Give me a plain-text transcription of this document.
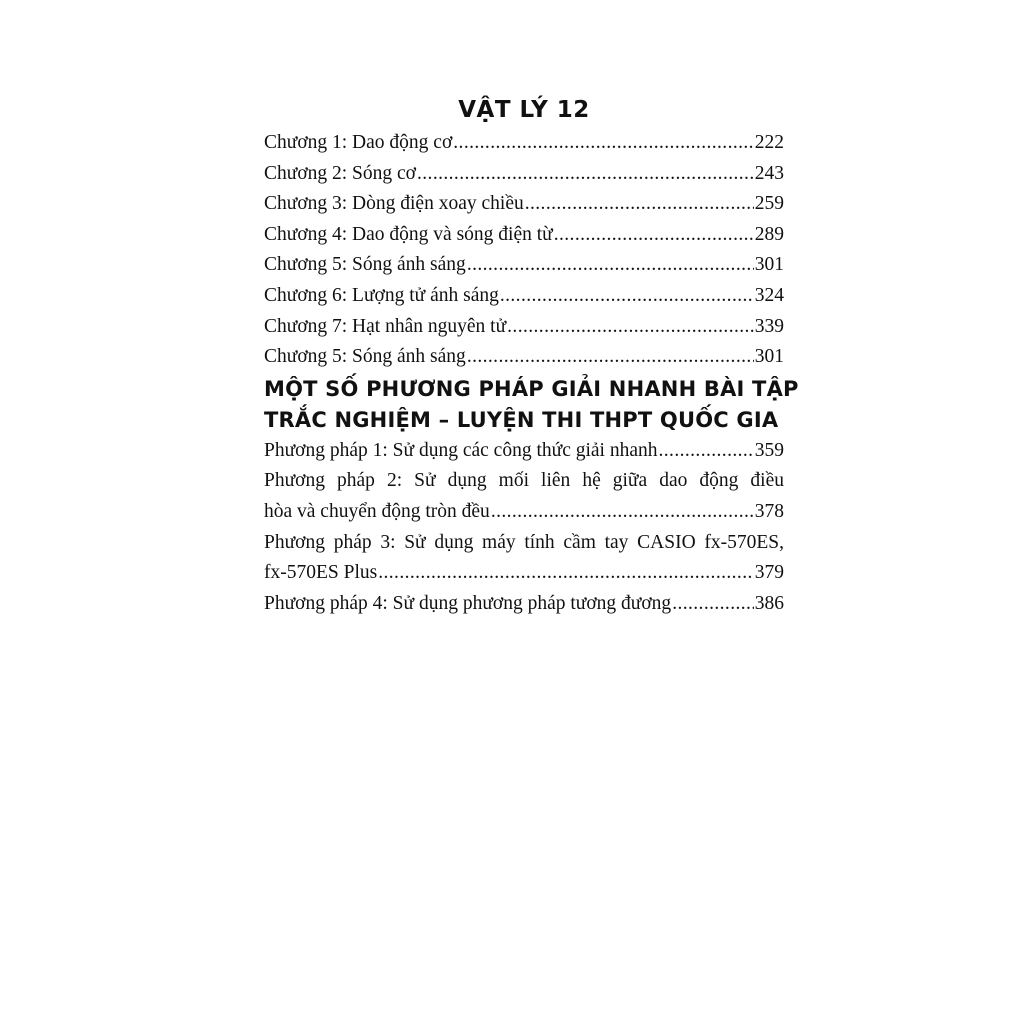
VẬT LÝ 12
Chương 1: Dao động cơ .....	222
Chương 2: Sóng cơ .....	243
Chương 3: Dòng điện xoay chiều .....	259
Chương 4: Dao động và sóng điện từ .....	289
Chương 5: Sóng ánh sáng .....	301
Chương 6: Lượng tử ánh sáng .....	324
Chương 7: Hạt nhân nguyên tử .....	339
Chương 5: Sóng ánh sáng .....	301
MỘT SỐ PHƯƠNG PHÁP GIẢI NHANH BÀI TẬP
TRẮC NGHIỆM – LUYỆN THI THPT QUỐC GIA
Phương pháp 1: Sử dụng các công thức giải nhanh .....	359
Phương pháp 2: Sử dụng mối liên hệ giữa dao động điều
hòa và chuyển động tròn đều .....	378
Phương pháp 3: Sử dụng máy tính cầm tay CASIO fx-570ES,
fx-570ES Plus .....	379
Phương pháp 4: Sử dụng phương pháp tương đương .....	386
